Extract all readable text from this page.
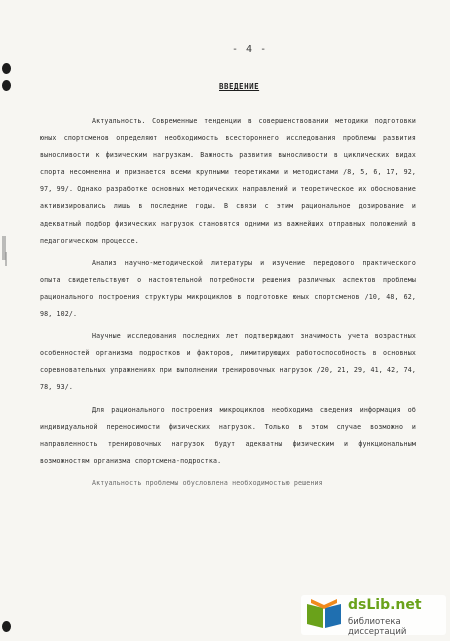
- 4 -
ВВЕДЕНИЕ

Актуальность. Современные тенденции в совершенствовании методики подготовки юных спортсменов определяют необходимость всестороннего исследования проблемы развития выносливости к физическим нагрузкам. Важность развития выносливости в циклических видах спорта несомненна и признается всеми крупными теоретиками и методистами /8, 5, 6, 17, 92, 97, 99/. Однако разработке основных методических направлений и теоретическое их обоснование активизировались лишь в последние годы. В связи с этим рациональное дозирование и адекватный подбор физических нагрузок становятся одними из важнейших отправных положений в педагогическом процессе.

Анализ научно-методической литературы и изучение передового практического опыта свидетельствуют о настоятельной потребности решения различных аспектов проблемы рационального построения структуры микроциклов в подготовке юных спортсменов /10, 48, 62, 98, 102/.

Научные исследования последних лет подтверждают значимость учета возрастных особенностей организма подростков и факторов, лимитирующих работоспособность в основных соревновательных упражнениях при выполнении тренировочных нагрузок /20, 21, 29, 41, 42, 74, 78, 93/.

Для рационального построения микроциклов необходима сведения информация об индивидуальной переносимости физических нагрузок. Только в этом случае возможно и направленность тренировочных нагрузок будут адекватны физическим и функциональным возможностям организма спортсмена-подростка.

Актуальность проблемы обусловлена необходимостью решения

dsLib.net
библиотека диссертаций
